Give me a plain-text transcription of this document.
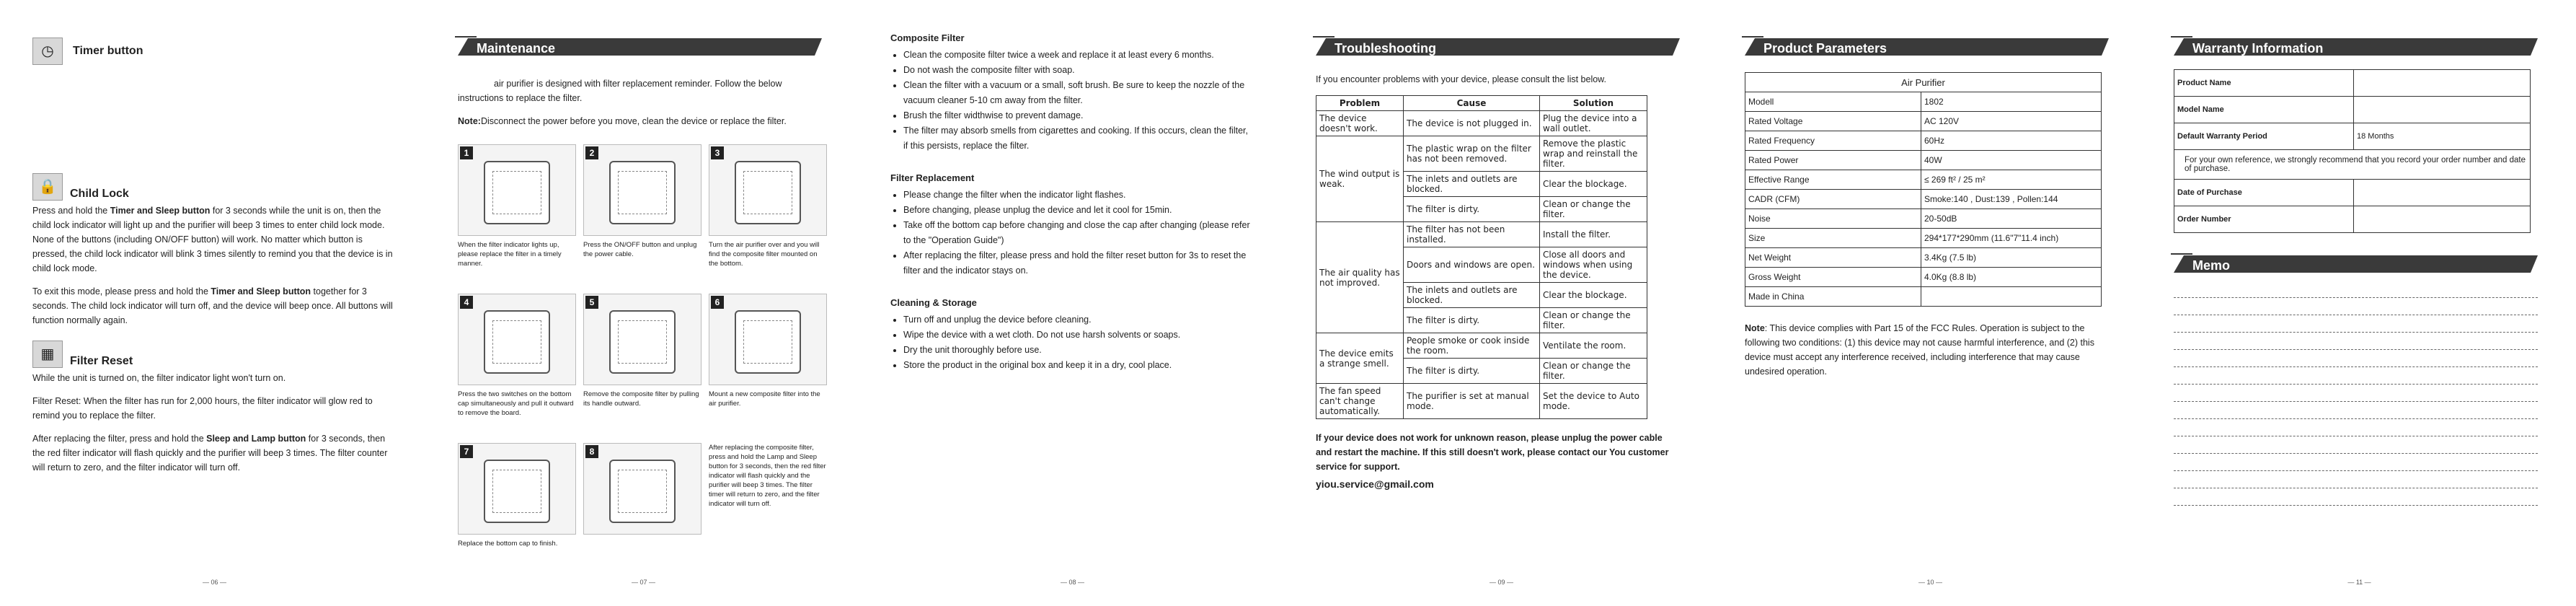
◷	Timer button
🔒	Child Lock

Press and hold the Timer and Sleep button for 3 seconds while the unit is on, then the child lock indicator will light up and the purifier will beep 3 times to enter child lock mode. None of the buttons (including ON/OFF button) will work. No matter which button is pressed, the child lock indicator will blink 3 times silently to remind you that the device is in child lock mode.

To exit this mode, please press and hold the Timer and Sleep button together for 3 seconds. The child lock indicator will turn off, and the device will beep once. All buttons will function normally again.

▦	Filter Reset

While the unit is turned on, the filter indicator light won't turn on.

Filter Reset: When the filter has run for 2,000 hours, the filter indicator will glow red to remind you to replace the filter.

After replacing the filter, press and hold the Sleep and Lamp button for 3 seconds, then the red filter indicator will flash quickly and the purifier will beep 3 times. The filter counter will return to zero, and the filter indicator will turn off.

— 06 —
Maintenance

air purifier is designed with filter replacement reminder. Follow the below instructions to replace the filter.

Note:Disconnect the power before you move, clean the device or replace the filter.

1
When the filter indicator lights up, please replace the filter in a timely manner.
2
Press the ON/OFF button and unplug the power cable.
3
Turn the air purifier over and you will find the composite filter mounted on the bottom.
4
Press the two switches on the bottom cap simultaneously and pull it outward to remove the board.
5
Remove the composite filter by pulling its handle outward.
6
Mount a new composite filter into the air purifier.
7
Replace the bottom cap to finish.
8	After replacing the composite filter, press and hold the Lamp and Sleep button for 3 seconds, then the red filter indicator will flash quickly and the purifier will beep 3 times. The filter timer will return to zero, and the filter indicator will turn off.
— 07 —
Composite Filter
• Clean the composite filter twice a week and replace it at least every 6 months.
• Do not wash the composite filter with soap.
• Clean the filter with a vacuum or a small, soft brush. Be sure to keep the nozzle of the vacuum cleaner 5-10 cm away from the filter.
• Brush the filter widthwise to prevent damage.
• The filter may absorb smells from cigarettes and cooking. If this occurs, clean the filter, if this persists, replace the filter.
Filter Replacement
• Please change the filter when the indicator light flashes.
• Before changing, please unplug the device and let it cool for 15min.
• Take off the bottom cap before changing and close the cap after changing (please refer to the "Operation Guide")
• After replacing the filter, please press and hold the filter reset button for 3s to reset the filter and the indicator stays on.
Cleaning & Storage
• Turn off and unplug the device before cleaning.
• Wipe the device with a wet cloth. Do not use harsh solvents or soaps.
• Dry the unit thoroughly before use.
• Store the product in the original box and keep it in a dry, cool place.
— 08 —
Troubleshooting

If you encounter problems with your device, please consult the list below.

Problem	Cause	Solution
The device doesn't work.	The device is not plugged in.	Plug the device into a wall outlet.
The wind output is weak.	The plastic wrap on the filter has not been removed.	Remove the plastic wrap and reinstall the filter.
	The inlets and outlets are blocked.	Clear the blockage.
	The filter is dirty.	Clean or change the filter.
The air quality has not improved.	The filter has not been installed.	Install the filter.
	Doors and windows are open.	Close all doors and windows when using the device.
	The inlets and outlets are blocked.	Clear the blockage.
	The filter is dirty.	Clean or change the filter.
The device emits a strange smell.	People smoke or cook inside the room.	Ventilate the room.
	The filter is dirty.	Clean or change the filter.
The fan speed can't change automatically.	The purifier is set at manual mode.	Set the device to Auto mode.

If your device does not work for unknown reason, please unplug the power cable and restart the machine. If this still doesn't work, please contact our You customer service for support.

yiou.service@gmail.com
— 09 —
Product Parameters
Air Purifier	
Modell	1802
Rated Voltage	AC 120V
Rated Frequency	60Hz
Rated Power	40W
Effective Range	≤ 269 ft² / 25 m²
CADR (CFM)	Smoke:140 , Dust:139 , Pollen:144
Noise	20-50dB
Size	294*177*290mm (11.6"7"11.4 inch)
Net Weight	3.4Kg (7.5 lb)
Gross Weight	4.0Kg (8.8 lb)
Made in China	

Note: This device complies with Part 15 of the FCC Rules. Operation is subject to the following two conditions: (1) this device may not cause harmful interference, and (2) this device must accept any interference received, including interference that may cause undesired operation.

— 10 —
Warranty Information
Product Name	
Model Name	
Default Warranty Period	18 Months
For your own reference, we strongly recommend that you record your order number and date of purchase.	
Date of Purchase	
Order Number	
Memo
— 11 —
